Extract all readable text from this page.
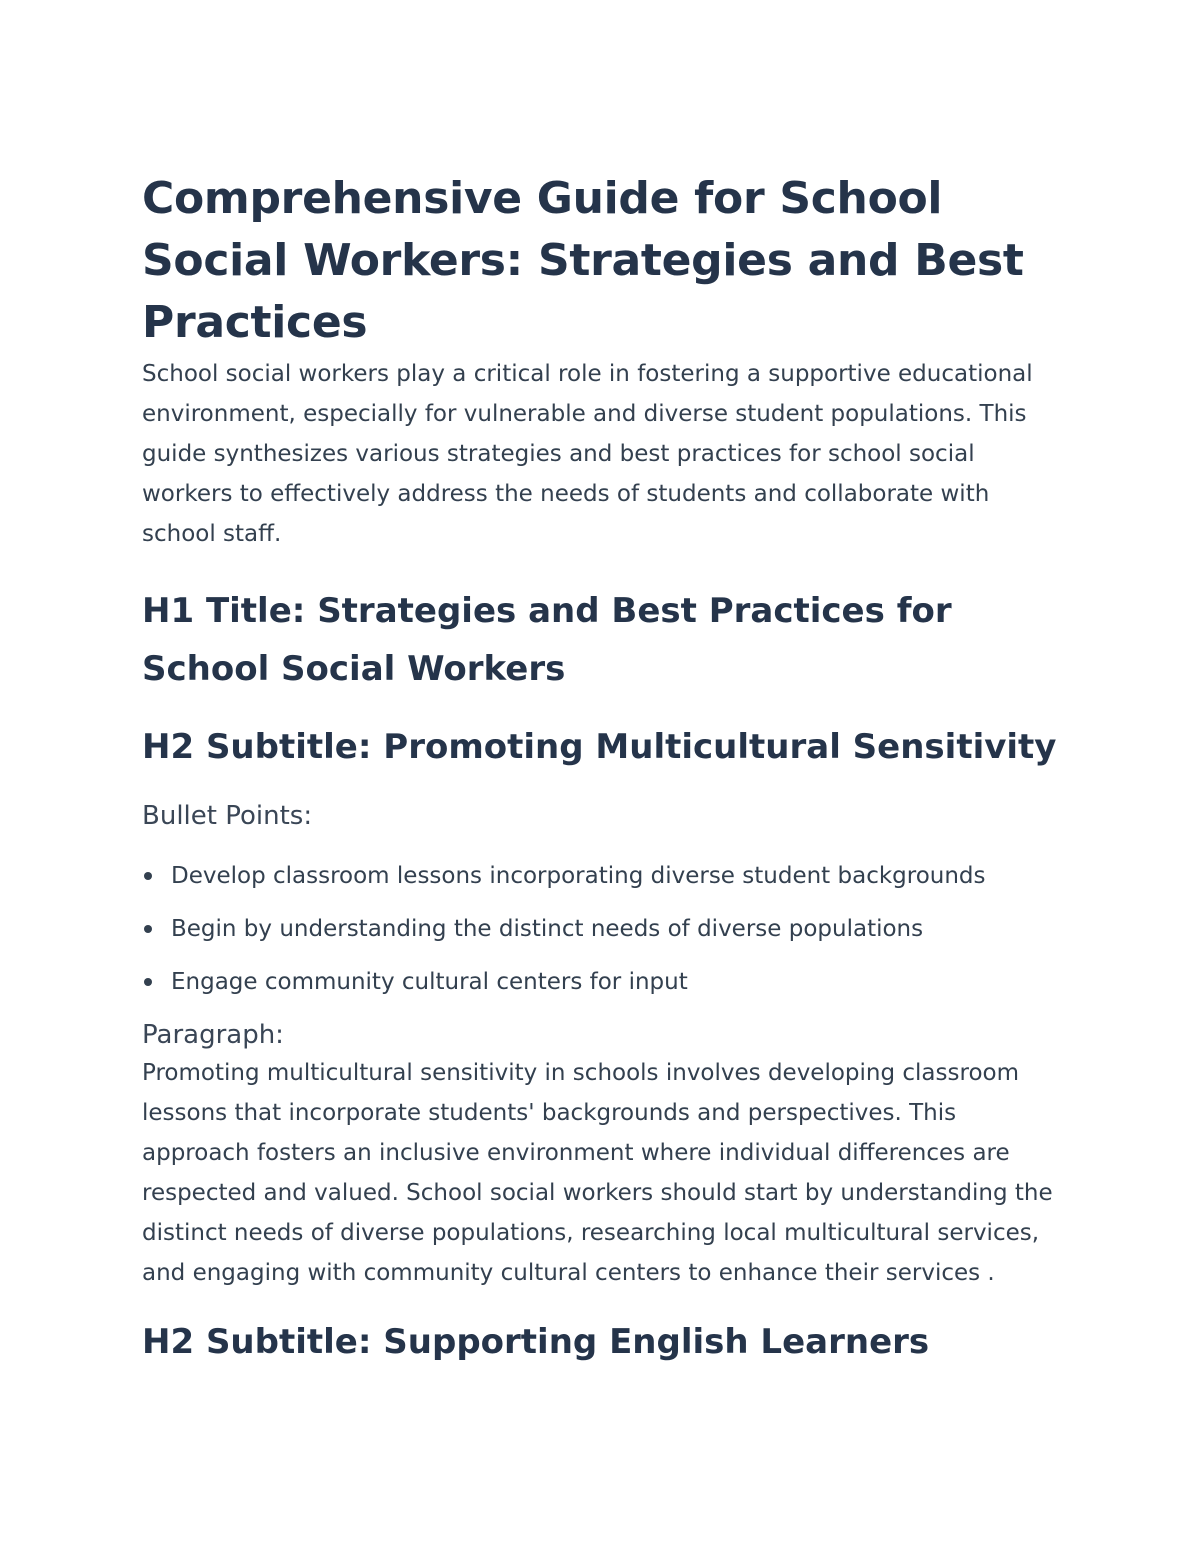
Comprehensive Guide for School Social Workers: Strategies and Best Practices

School social workers play a critical role in fostering a supportive educational environment, especially for vulnerable and diverse student populations. This guide synthesizes various strategies and best practices for school social workers to effectively address the needs of students and collaborate with school staff.

H1 Title: Strategies and Best Practices for School Social Workers
H2 Subtitle: Promoting Multicultural Sensitivity
Bullet Points:
Develop classroom lessons incorporating diverse student backgrounds
Begin by understanding the distinct needs of diverse populations
Engage community cultural centers for input
Paragraph:

Promoting multicultural sensitivity in schools involves developing classroom lessons that incorporate students' backgrounds and perspectives. This approach fosters an inclusive environment where individual differences are respected and valued. School social workers should start by understanding the distinct needs of diverse populations, researching local multicultural services, and engaging with community cultural centers to enhance their services .

H2 Subtitle: Supporting English Learners
